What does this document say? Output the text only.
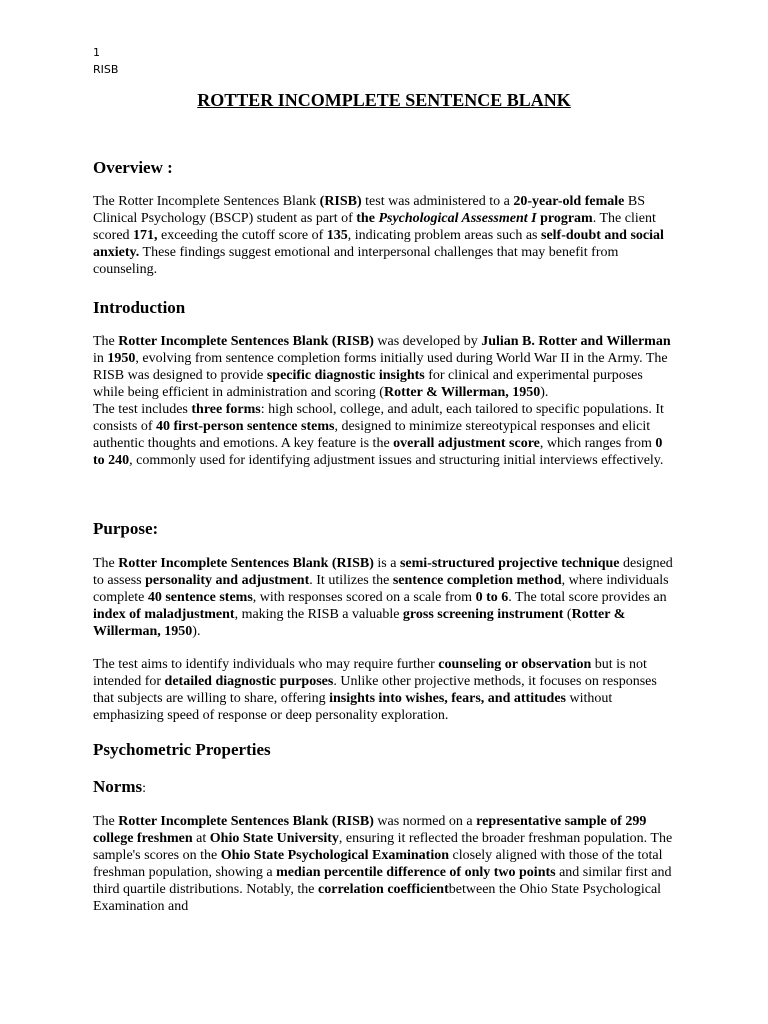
1
RISB
ROTTER INCOMPLETE SENTENCE BLANK
Overview :

The Rotter Incomplete Sentences Blank (RISB) test was administered to a 20-year-old female BS Clinical Psychology (BSCP) student as part of the Psychological Assessment I program. The client scored 171, exceeding the cutoff score of 135, indicating problem areas such as self-doubt and social anxiety. These findings suggest emotional and interpersonal challenges that may benefit from counseling.

Introduction

The Rotter Incomplete Sentences Blank (RISB) was developed by Julian B. Rotter and Willerman in 1950, evolving from sentence completion forms initially used during World War II in the Army. The RISB was designed to provide specific diagnostic insights for clinical and experimental purposes while being efficient in administration and scoring (Rotter & Willerman, 1950).

The test includes three forms: high school, college, and adult, each tailored to specific populations. It consists of 40 first-person sentence stems, designed to minimize stereotypical responses and elicit authentic thoughts and emotions. A key feature is the overall adjustment score, which ranges from 0 to 240, commonly used for identifying adjustment issues and structuring initial interviews effectively.

Purpose:

The Rotter Incomplete Sentences Blank (RISB) is a semi-structured projective technique designed to assess personality and adjustment. It utilizes the sentence completion method, where individuals complete 40 sentence stems, with responses scored on a scale from 0 to 6. The total score provides an index of maladjustment, making the RISB a valuable gross screening instrument (Rotter & Willerman, 1950).

The test aims to identify individuals who may require further counseling or observation but is not intended for detailed diagnostic purposes. Unlike other projective methods, it focuses on responses that subjects are willing to share, offering insights into wishes, fears, and attitudes without emphasizing speed of response or deep personality exploration.

Psychometric Properties
Norms:

The Rotter Incomplete Sentences Blank (RISB) was normed on a representative sample of 299 college freshmen at Ohio State University, ensuring it reflected the broader freshman population. The sample's scores on the Ohio State Psychological Examination closely aligned with those of the total freshman population, showing a median percentile difference of only two points and similar first and third quartile distributions. Notably, the correlation coefficientbetween the Ohio State Psychological Examination and
